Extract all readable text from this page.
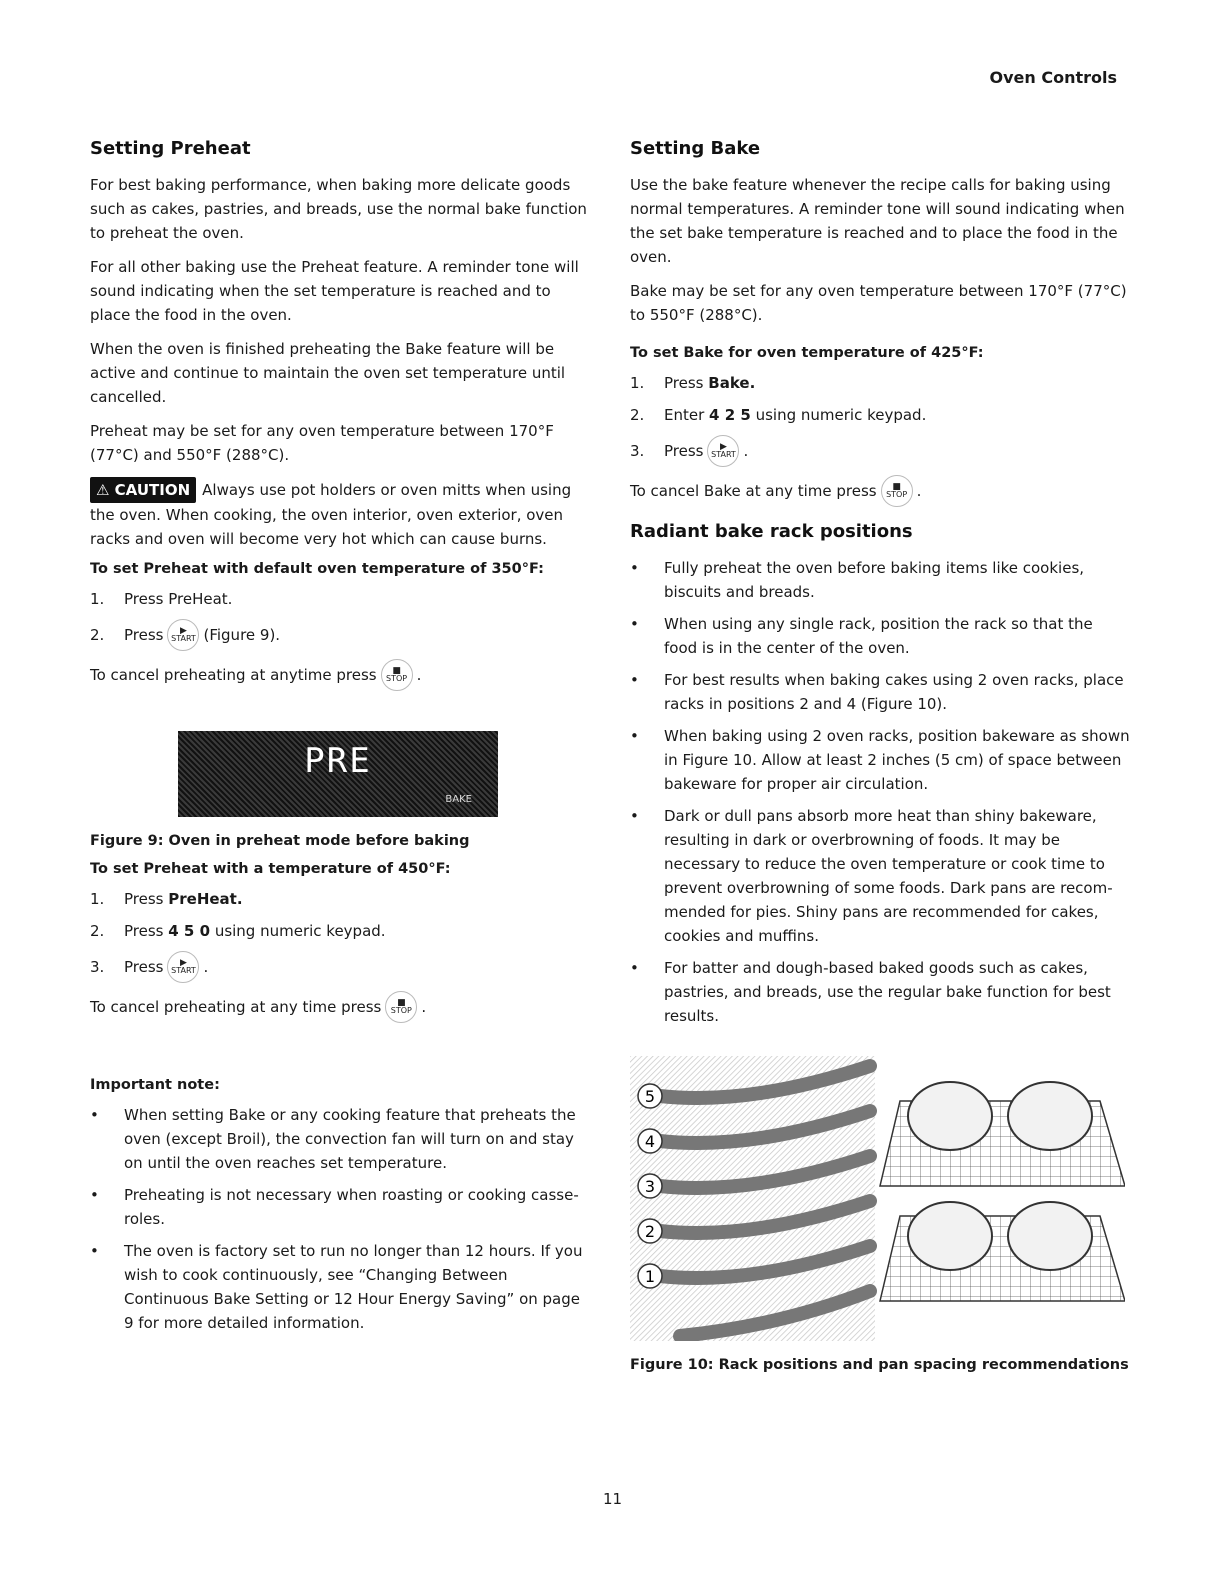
Oven Controls
Setting Preheat

For best baking performance, when baking more delicate goods such as cakes, pastries, and breads, use the normal bake function to preheat the oven.

For all other baking use the Preheat feature. A reminder tone will sound indicating when the set temperature is reached and to place the food in the oven.

When the oven is finished preheating the Bake feature will be active and continue to maintain the oven set temperature until cancelled.

Preheat may be set for any oven temperature between 170°F (77°C) and 550°F (288°C).

⚠ CAUTION Always use pot holders or oven mitts when using the oven. When cooking, the oven interior, oven exterior, oven racks and oven will become very hot which can cause burns.

To set Preheat with default oven temperature of 350°F:
1.	Press PreHeat.
2.	Press ▶
START (Figure 9).
To cancel preheating at anytime press ■
STOP .
PRE
BAKE
Figure 9: Oven in preheat mode before baking
To set Preheat with a temperature of 450°F:
1.	Press
PreHeat.
2.	Press
4 5 0
using numeric keypad.
3.	Press ▶
START .
To cancel preheating at any time press ■
STOP .
Important note:
• When setting Bake or any cooking feature that preheats the oven (except Broil), the convection fan will turn on and stay on until the oven reaches set temperature.
• Preheating is not necessary when roasting or cooking casse-roles.
• The oven is factory set to run no longer than 12 hours. If you wish to cook continuously, see “Changing Between Continuous Bake Setting or 12 Hour Energy Saving” on page 9 for more detailed information.
Setting Bake

Use the bake feature whenever the recipe calls for baking using normal temperatures. A reminder tone will sound indicating when the set bake temperature is reached and to place the food in the oven.

Bake may be set for any oven temperature between 170°F (77°C) to 550°F (288°C).

To set Bake for oven temperature of 425°F:
1.	Press
Bake.
2.	Enter
4 2 5
using numeric keypad.
3.	Press ▶
START .
To cancel Bake at any time press ■
STOP .
Radiant bake rack positions
• Fully preheat the oven before baking items like cookies, biscuits and breads.
• When using any single rack, position the rack so that the food is in the center of the oven.
• For best results when baking cakes using 2 oven racks, place racks in positions 2 and 4 (Figure 10).
• When baking using 2 oven racks, position bakeware as shown in Figure 10. Allow at least 2 inches (5 cm) of space between bakeware for proper air circulation.
• Dark or dull pans absorb more heat than shiny bakeware, resulting in dark or overbrowning of foods. It may be necessary to reduce the oven temperature or cook time to prevent overbrowning of some foods. Dark pans are recom-mended for pies. Shiny pans are recommended for cakes, cookies and muffins.
• For batter and dough-based baked goods such as cakes, pastries, and breads, use the regular bake function for best results.
5
4
3
2
1
Figure 10: Rack positions and pan spacing recommendations
11
